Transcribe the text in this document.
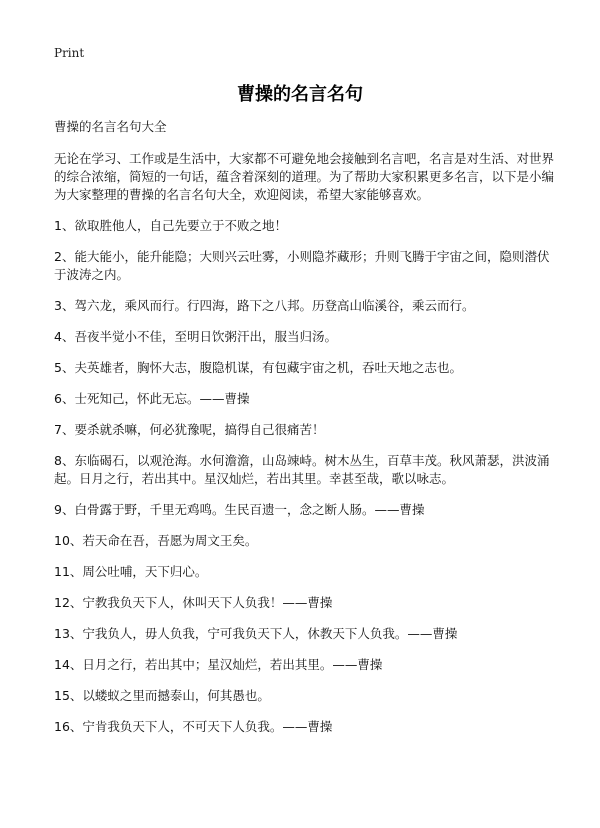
Print
曹操的名言名句

曹操的名言名句大全

无论在学习、工作或是生活中，大家都不可避免地会接触到名言吧，名言是对生活、对世界的综合浓缩，简短的一句话，蕴含着深刻的道理。为了帮助大家积累更多名言，以下是小编为大家整理的曹操的名言名句大全，欢迎阅读，希望大家能够喜欢。

1、欲取胜他人，自己先要立于不败之地！

2、能大能小，能升能隐；大则兴云吐雾，小则隐芥藏形；升则飞腾于宇宙之间，隐则潜伏于波涛之内。

3、驾六龙，乘风而行。行四海，路下之八邦。历登高山临溪谷，乘云而行。

4、吾夜半觉小不佳，至明日饮粥汗出，服当归汤。

5、夫英雄者，胸怀大志，腹隐机谋，有包藏宇宙之机，吞吐天地之志也。

6、士死知己，怀此无忘。——曹操

7、要杀就杀嘛，何必犹豫呢，搞得自己很痛苦！

8、东临碣石，以观沧海。水何澹澹，山岛竦峙。树木丛生，百草丰茂。秋风萧瑟，洪波涌起。日月之行，若出其中。星汉灿烂，若出其里。幸甚至哉，歌以咏志。

9、白骨露于野，千里无鸡鸣。生民百遗一，念之断人肠。——曹操

10、若天命在吾，吾愿为周文王矣。

11、周公吐哺，天下归心。

12、宁教我负天下人，休叫天下人负我！——曹操

13、宁我负人，毋人负我，宁可我负天下人，休教天下人负我。——曹操

14、日月之行，若出其中；星汉灿烂，若出其里。——曹操

15、以蝼蚁之里而撼泰山，何其愚也。

16、宁肯我负天下人，不可天下人负我。——曹操
